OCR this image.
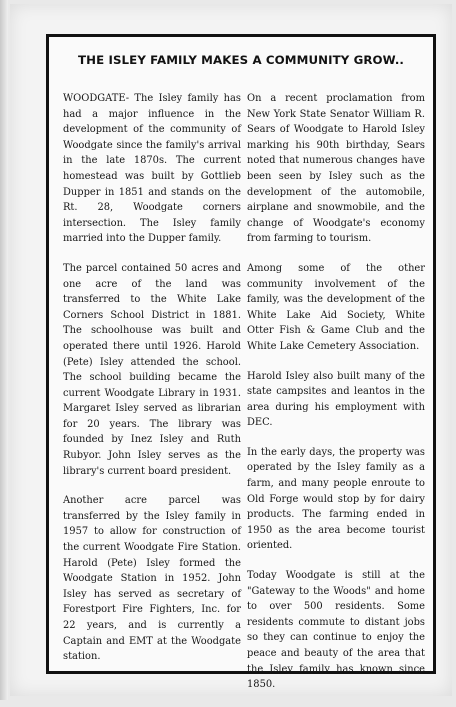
THE ISLEY FAMILY MAKES A COMMUNITY GROW..

WOODGATE- The Isley family has had a major influence in the development of the community of Woodgate since the family's arrival in the late 1870s. The current homestead was built by Gottlieb Dupper in 1851 and stands on the Rt. 28, Woodgate corners intersection. The Isley family married into the Dupper family.

The parcel contained 50 acres and one acre of the land was transferred to the White Lake Corners School District in 1881. The schoolhouse was built and operated there until 1926. Harold (Pete) Isley attended the school. The school building became the current Woodgate Library in 1931. Margaret Isley served as librarian for 20 years. The library was founded by Inez Isley and Ruth Rubyor. John Isley serves as the library's current board president.

Another acre parcel was transferred by the Isley family in 1957 to allow for construction of the current Woodgate Fire Station. Harold (Pete) Isley formed the Woodgate Station in 1952. John Isley has served as secretary of Forestport Fire Fighters, Inc. for 22 years, and is currently a Captain and EMT at the Woodgate station.

On a recent proclamation from New York State Senator William R. Sears of Woodgate to Harold Isley marking his 90th birthday, Sears noted that numerous changes have been seen by Isley such as the development of the automobile, airplane and snowmobile, and the change of Woodgate's economy from farming to tourism.

Among some of the other community involvement of the family, was the development of the White Lake Aid Society, White Otter Fish & Game Club and the White Lake Cemetery Association.

Harold Isley also built many of the state campsites and leantos in the area during his employment with DEC.

In the early days, the property was operated by the Isley family as a farm, and many people enroute to Old Forge would stop by for dairy products. The farming ended in 1950 as the area become tourist oriented.

Today Woodgate is still at the "Gateway to the Woods" and home to over 500 residents. Some residents commute to distant jobs so they can continue to enjoy the peace and beauty of the area that the Isley family has known since 1850.
